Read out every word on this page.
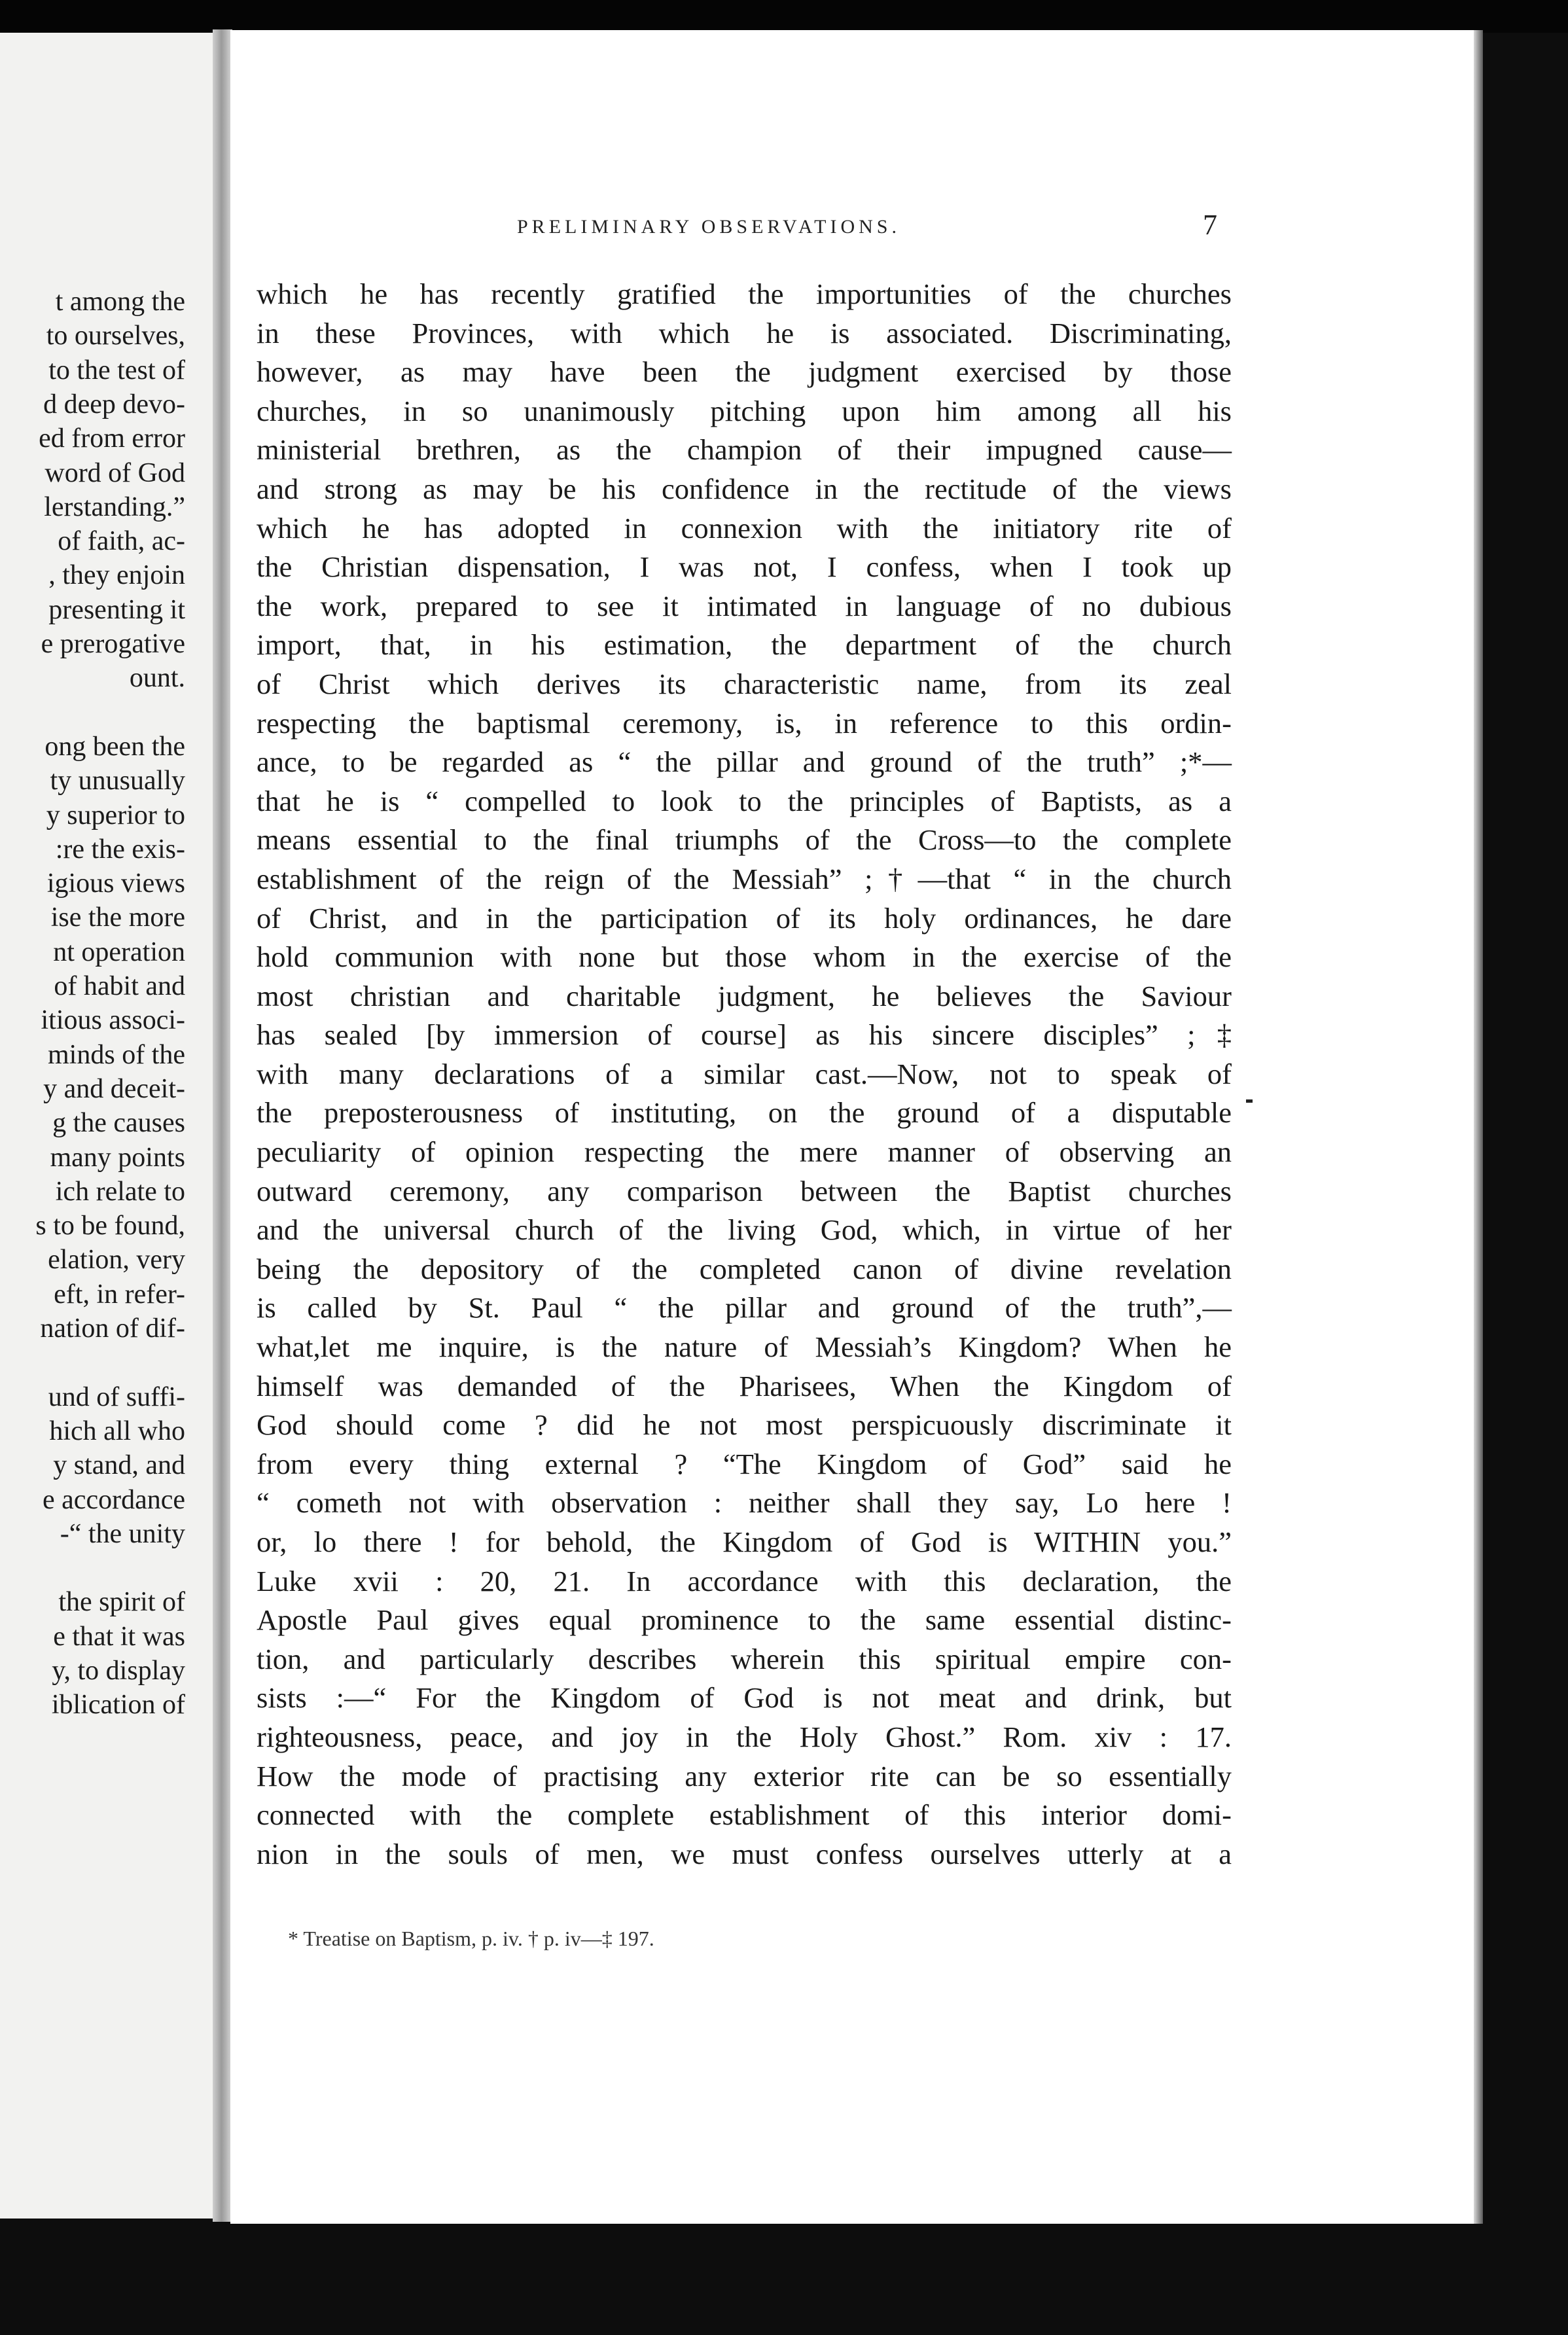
t among the
to ourselves,
to the test of
d deep devo-
ed from error
word of God
lerstanding.”
of faith, ac-
, they enjoin
presenting it
e prerogative
ount.
ong been the
ty unusually
y superior to
:re the exis-
igious views
ise the more
nt operation
of habit and
itious associ-
minds of the
y and deceit-
g the causes
many points
ich relate to
s to be found,
elation, very
eft, in refer-
nation of dif-
und of suffi-
hich all who
y stand, and
e accordance
-“ the unity
the spirit of
e that it was
y, to display
iblication of
PRELIMINARY OBSERVATIONS.	7
which he has recently gratified the importunities of the churches
in these Provinces, with which he is associated. Discriminating,
however, as may have been the judgment exercised by those
churches, in so unanimously pitching upon him among all his
ministerial brethren, as the champion of their impugned cause—
and strong as may be his confidence in the rectitude of the views
which he has adopted in connexion with the initiatory rite of
the Christian dispensation, I was not, I confess, when I took up
the work, prepared to see it intimated in language of no dubious
import, that, in his estimation, the department of the church
of Christ which derives its characteristic name, from its zeal
respecting the baptismal ceremony, is, in reference to this ordin-
ance, to be regarded as “ the pillar and ground of the truth” ;*—
that he is “ compelled to look to the principles of Baptists, as a
means essential to the final triumphs of the Cross—to the complete
establishment of the reign of the Messiah” ;†—that “ in the church
of Christ, and in the participation of its holy ordinances, he dare
hold communion with none but those whom in the exercise of the
most christian and charitable judgment, he believes the Saviour
has sealed [by immersion of course] as his sincere disciples” ;‡
with many declarations of a similar cast.—Now, not to speak of
the preposterousness of instituting, on the ground of a disputable
peculiarity of opinion respecting the mere manner of observing an
outward ceremony, any comparison between the Baptist churches
and the universal church of the living God, which, in virtue of her
being the depository of the completed canon of divine revelation
is called by St. Paul “ the pillar and ground of the truth”,—
what,let me inquire, is the nature of Messiah’s Kingdom? When he
himself was demanded of the Pharisees, When the Kingdom of
God should come ? did he not most perspicuously discriminate it
from every thing external ? “The Kingdom of God” said he
“ cometh not with observation : neither shall they say, Lo here !
or, lo there ! for behold, the Kingdom of God is WITHIN you.”
Luke xvii : 20, 21. In accordance with this declaration, the
Apostle Paul gives equal prominence to the same essential distinc-
tion, and particularly describes wherein this spiritual empire con-
sists :—“ For the Kingdom of God is not meat and drink, but
righteousness, peace, and joy in the Holy Ghost.” Rom. xiv : 17.
How the mode of practising any exterior rite can be so essentially
connected with the complete establishment of this interior domi-
nion in the souls of men, we must confess ourselves utterly at a
* Treatise on Baptism, p. iv. † p. iv—‡ 197.
